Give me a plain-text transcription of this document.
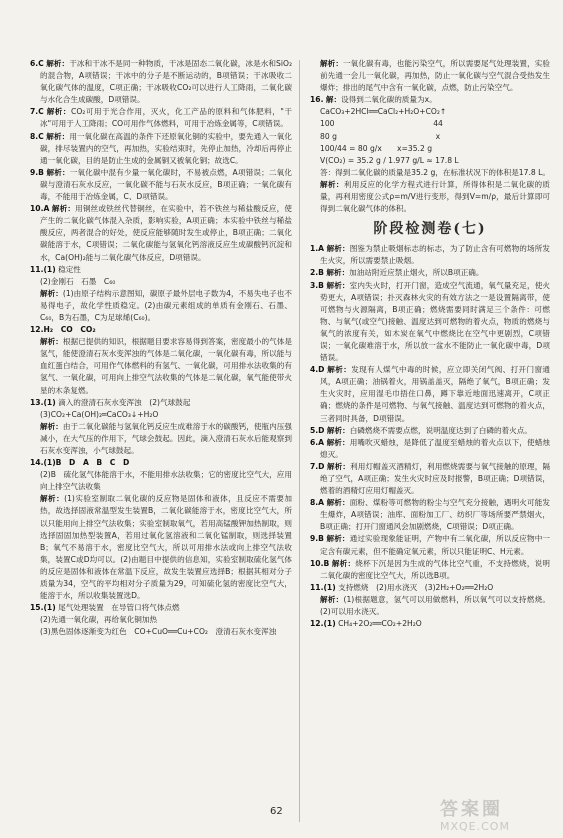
6.C 解析：干冰和干冰不是同一种物质，干冰是固态二氧化碳，冰是水和SiO₂的混合物，A项错误；干冰中的分子是不断运动的，B项错误；干冰吸收二氧化碳气体的温度，C项正确；干冰吸收CO₂可以进行人工降雨，二氧化碳与水化合生成碳酸，D项错误。

7.C 解析：CO₂可用于光合作用，灭火，化工产品的原料和气体肥料，"干冰"可用于人工降雨；CO可用作气体燃料，可用于冶炼金属等，C项错误。

8.C 解析：用一氧化碳在高温的条件下还原氧化铜的实验中，要先通入一氧化碳，排尽装置内的空气，再加热，实验结束时，先停止加热，冷却后再停止通一氧化碳，目的是防止生成的金属铜又被氧化铜；故选C。

9.B 解析：一氧化碳中混有少量一氧化碳时，不易被点燃，A项错误；二氧化碳与澄清石灰水反应，一氧化碳不能与石灰水反应，B项正确；一氧化碳有毒，不能用于冶炼金属，C、D项错误。

10.A 解析：用铜丝或铁丝代替铜丝，在实验中，若不铁丝与稀盐酸反应，使产生的二氧化碳气体混入杂质，影响实验，A项正确；本实验中铁丝与稀盐酸反应，两者混合的好处，使反应能够随时发生或停止，B项正确；二氧化碳能溶于水，C项错误；二氧化碳能与氢氧化钙溶液反应生成碳酸钙沉淀和水，Ca(OH)₂能与二氧化碳气体反应，D项错误。

11.(1) 稳定性

(2)金刚石　石墨　C₆₀

解析：(1)由原子结构示意图知，碳原子最外层电子数为4，不易失电子也不易得电子，故化学性质稳定。(2)由碳元素组成的单质有金刚石、石墨、C₆₀，B为石墨，C为足球烯(C₆₀)。

12.H₂　CO　CO₂

解析：根据已提供的知识，根据题目要求容易得到答案，密度最小的气体是氢气，能使澄清石灰水变浑浊的气体是二氧化碳，一氧化碳有毒，所以能与血红蛋白结合，可用作气体燃料的有氢气、一氧化碳，可用排水法收集的有氢气、一氧化碳，可用向上排空气法收集的气体是二氧化碳，氧气能使带火星的木条复燃。

13.(1) 滴入的澄清石灰水变浑浊　(2)气球鼓起

(3)CO₂+Ca(OH)₂═CaCO₃↓+H₂O

解析：由于二氧化碳能与氢氧化钙反应生成难溶于水的碳酸钙，使瓶内压强减小，在大气压的作用下，气球会鼓起。因此，滴入澄清石灰水后能观察到石灰水变浑浊，小气球鼓起。

14.(1)B　D　A　B　C　D

(2)B　硫化氢气体能溶于水，不能用排水法收集；它的密度比空气大，应用向上排空气法收集

解析：(1)实验室制取二氧化碳的反应物是固体和液体，且反应不需要加热，故选择固液常温型发生装置B，二氧化碳能溶于水，密度比空气大，所以只能用向上排空气法收集；实验室制取氧气，若用高锰酸钾加热制取，则选择固固加热型装置A，若用过氧化氢溶液和二氧化锰制取，则选择装置B；氧气不易溶于水，密度比空气大，所以可用排水法或向上排空气法收集，装置C或D均可以。(2)由题目中提供的信息知，实验室制取硫化氢气体的反应是固体和液体在常温下反应，故发生装置应选择B；根据其相对分子质量为34，空气的平均相对分子质量为29，可知硫化氢的密度比空气大，能溶于水，所以收集装置选D。

15.(1) 尾气处理装置　在导管口将气体点燃

(2)先通一氧化碳，再给氧化铜加热

(3)黑色固体逐渐变为红色　CO+CuO══Cu+CO₂　澄清石灰水变浑浊

解析：一氧化碳有毒，也能污染空气，所以需要尾气处理装置，实验前先通一会儿一氧化碳，再加热，防止一氧化碳与空气混合受热发生爆炸；排出的尾气中含有一氧化碳，点燃，防止污染空气。

16. 解：设得到二氧化碳的质量为x。

CaCO₃+2HCl══CaCl₂+H₂O+CO₂↑

100　　　　　　　　　　　　　44

80 g　　　　　　　　　　　　　x

100/44 = 80 g/x　　x=35.2 g

V(CO₂) = 35.2 g / 1.977 g/L ≈ 17.8 L

答：得到二氧化碳的质量是35.2 g，在标准状况下的体积是17.8 L。

解析：利用反应的化学方程式进行计算，所得体积是二氧化碳的质量，再利用密度公式ρ=m/V进行变形，得到V=m/ρ，最后计算即可得到二氧化碳气体的体积。

阶段检测卷(七)

1.A 解析：图鉴为禁止吸烟标志的标志，为了防止含有可燃物的场所发生火灾，所以需要禁止吸烟。

2.B 解析：加油站附近应禁止烟火，所以B项正确。

3.B 解析：室内失火时，打开门窗，造成空气流通，氧气量充足，使火势更大，A项错误；扑灭森林火灾的有效方法之一是设置隔离带，使可燃物与火源隔离，B项正确；燃烧需要同时满足三个条件：可燃物、与氧气(或空气)接触、温度达到可燃物的着火点，物质的燃烧与氧气的浓度有关，如木炭在氧气中燃烧比在空气中更剧烈，C项错误；一氧化碳难溶于水，所以放一盆水不能防止一氧化碳中毒，D项错误。

4.D 解析：发现有人煤气中毒的时候，应立即关闭气阀、打开门窗通风，A项正确；油锅着火，用锅盖盖灭，隔绝了氧气，B项正确；发生火灾时，应用湿毛巾捂住口鼻，蹲下靠近地面迅速离开，C项正确；燃烧的条件是可燃物、与氧气接触、温度达到可燃物的着火点，三者同时具备，D项错误。

5.D 解析：白磷燃烧不需要点燃，说明温度达到了白磷的着火点。

6.A 解析：用嘴吹灭蜡烛，是降低了温度至蜡烛的着火点以下，使蜡烛熄灭。

7.D 解析：利用灯帽盖灭酒精灯，利用燃烧需要与氧气接触的原理，隔绝了空气，A项正确；发生火灾时应及时报警，B项正确；D项错误，燃着的酒精灯应用灯帽盖灭。

8.A 解析：面粉、煤粉等可燃物的粉尘与空气充分接触，遇明火可能发生爆炸，A项错误；油库、面粉加工厂、纺织厂等场所要严禁烟火，B项正确；打开门窗通风会加剧燃烧，C项错误；D项正确。

9.B 解析：通过实验现象能证明，产物中有二氧化碳，所以反应物中一定含有碳元素，但不能确定氧元素，所以只能证明C、H元素。

10.B 解析：烧杯下沉是因为生成的气体比空气重，不支持燃烧，说明二氧化碳的密度比空气大，所以选B项。

11.(1) 支持燃烧　(2)用水浇灭　(3)2H₂+O₂══2H₂O

解析：(1)根据题意，氢气可以用做燃料，所以氧气可以支持燃烧。(2)可以用水浇灭。

12.(1) CH₄+2O₂══CO₂+2H₂O

62	答案圈
MXQE.COM
